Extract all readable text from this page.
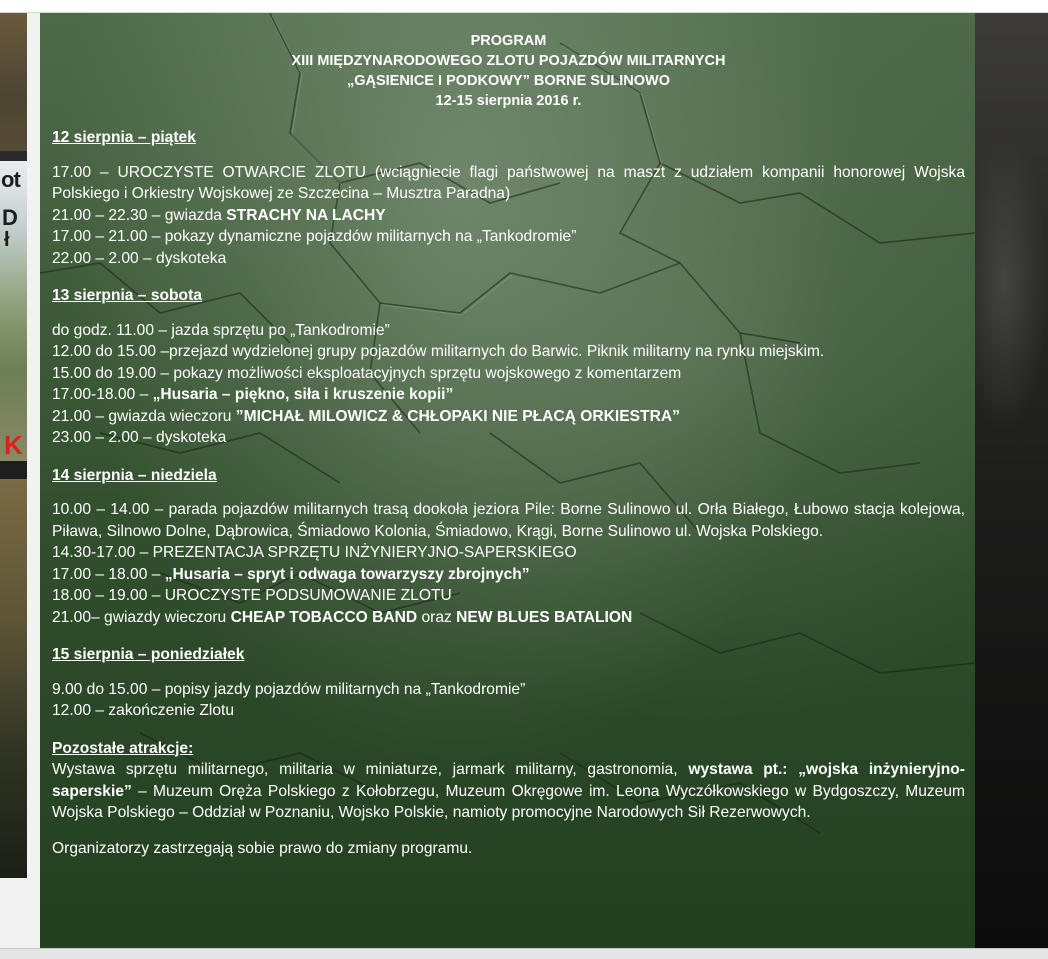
ot
D
ł
K
PROGRAM
XIII MIĘDZYNARODOWEGO ZLOTU POJAZDÓW MILITARNYCH
„GĄSIENICE I PODKOWY” BORNE SULINOWO
12-15 sierpnia 2016 r.
12 sierpnia – piątek
17.00 – UROCZYSTE OTWARCIE ZLOTU (wciągniecie flagi państwowej na maszt z udziałem kompanii honorowej Wojska Polskiego i Orkiestry Wojskowej ze Szczecina – Musztra Paradna)
21.00 – 22.30 – gwiazda STRACHY NA LACHY
17.00 – 21.00 – pokazy dynamiczne pojazdów militarnych na „Tankodromie”
22.00 – 2.00 – dyskoteka
13 sierpnia – sobota
do godz. 11.00 – jazda sprzętu po „Tankodromie”
12.00 do 15.00 –przejazd wydzielonej grupy pojazdów militarnych do Barwic. Piknik militarny na rynku miejskim.
15.00 do 19.00 – pokazy możliwości eksploatacyjnych sprzętu wojskowego z komentarzem
17.00-18.00 – „Husaria – piękno, siła i kruszenie kopii”
21.00 – gwiazda wieczoru ”MICHAŁ MILOWICZ & CHŁOPAKI NIE PŁACĄ ORKIESTRA”
23.00 – 2.00 – dyskoteka
14 sierpnia – niedziela
10.00 – 14.00 – parada pojazdów militarnych trasą dookoła jeziora Pile: Borne Sulinowo ul. Orła Białego, Łubowo stacja kolejowa, Piława, Silnowo Dolne, Dąbrowica, Śmiadowo Kolonia, Śmiadowo, Krągi, Borne Sulinowo ul. Wojska Polskiego.
14.30-17.00 – PREZENTACJA SPRZĘTU INŻYNIERYJNO-SAPERSKIEGO
17.00 – 18.00 – „Husaria – spryt i odwaga towarzyszy zbrojnych”
18.00 – 19.00 – UROCZYSTE PODSUMOWANIE ZLOTU
21.00– gwiazdy wieczoru CHEAP TOBACCO BAND oraz NEW BLUES BATALION
15 sierpnia – poniedziałek
9.00 do 15.00 – popisy jazdy pojazdów militarnych na „Tankodromie”
12.00 – zakończenie Zlotu
Pozostałe atrakcje:
Wystawa sprzętu militarnego, militaria w miniaturze, jarmark militarny, gastronomia, wystawa pt.: „wojska inżynieryjno-saperskie” – Muzeum Oręża Polskiego z Kołobrzegu, Muzeum Okręgowe im. Leona Wyczółkowskiego w Bydgoszczy, Muzeum Wojska Polskiego – Oddział w Poznaniu, Wojsko Polskie, namioty promocyjne Narodowych Sił Rezerwowych.
Organizatorzy zastrzegają sobie prawo do zmiany programu.
